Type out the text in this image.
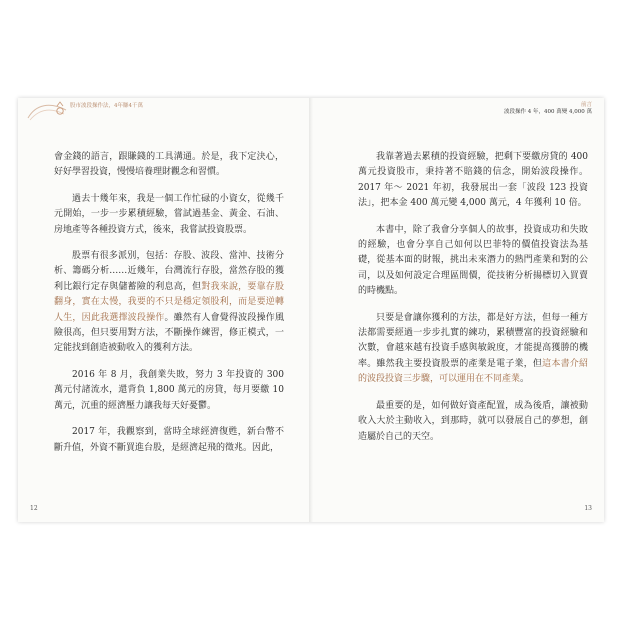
股市波段操作法，4年賺4千萬

會金錢的語言，跟賺錢的工具溝通。於是，我下定決心，好好學習投資，慢慢培養理財觀念和習慣。

過去十幾年來，我是一個工作忙碌的小資女，從幾千元開始，一步一步累積經驗，嘗試過基金、黃金、石油、房地產等各種投資方式，後來，我嘗試投資股票。

股票有很多派別，包括：存股、波段、當沖、技術分析、籌碼分析……近幾年，台灣流行存股，當然存股的獲利比銀行定存與儲蓄險的利息高，但對我來說，要靠存股翻身，實在太慢，我要的不只是穩定領股利，而是要逆轉人生，因此我選擇波段操作。雖然有人會覺得波段操作風險很高，但只要用對方法，不斷操作練習，修正模式，一定能找到創造被動收入的獲利方法。

2016 年 8 月，我創業失敗，努力 3 年投資的 300 萬元付諸流水，還背負 1,800 萬元的房貸，每月要繳 10 萬元，沉重的經濟壓力讓我每天好憂鬱。

2017 年，我觀察到，當時全球經濟復甦，新台幣不斷升值，外資不斷買進台股，是經濟起飛的徵兆。因此，

12
前言
波段操作 4 年，400 萬變 4,000 萬

我靠著過去累積的投資經驗，把剩下要繳房貸的 400 萬元投資股市，秉持著不賠錢的信念，開始波段操作。2017 年～ 2021 年初，我發展出一套「波段 123 投資法」，把本金 400 萬元變 4,000 萬元，4 年獲利 10 倍。

本書中，除了我會分享個人的故事，投資成功和失敗的經驗，也會分享自己如何以巴菲特的價值投資法為基礎，從基本面的財報，挑出未來潛力的熱門產業和對的公司，以及如何設定合理區間價，從技術分析揚標切入買賣的時機點。

只要是會讓你獲利的方法，都是好方法，但每一種方法都需要經過一步步扎實的練功，累積豐富的投資經驗和次數，會越來越有投資手感與敏銳度，才能提高獲勝的機率。雖然我主要投資股票的產業是電子業，但這本書介紹的波段投資三步驟，可以運用在不同產業。

最重要的是，如何做好資產配置，成為後盾，讓被動收入大於主動收入，到那時，就可以發展自己的夢想，創造屬於自己的天空。

13
